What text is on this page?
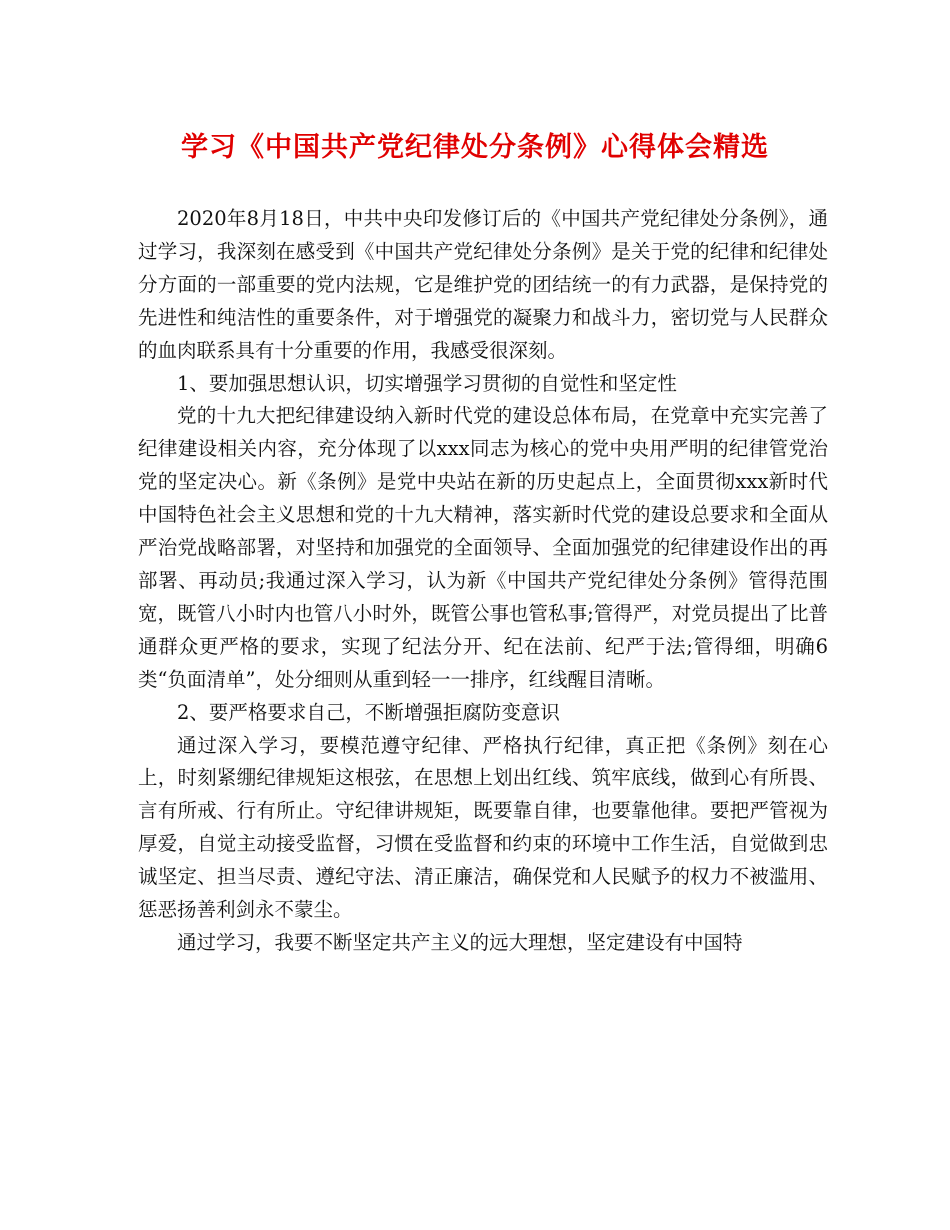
学习《中国共产党纪律处分条例》心得体会精选

2020年8月18日，中共中央印发修订后的《中国共产党纪律处分条例》，通过学习，我深刻在感受到《中国共产党纪律处分条例》是关于党的纪律和纪律处分方面的一部重要的党内法规，它是维护党的团结统一的有力武器，是保持党的先进性和纯洁性的重要条件，对于增强党的凝聚力和战斗力，密切党与人民群众的血肉联系具有十分重要的作用，我感受很深刻。

1、要加强思想认识，切实增强学习贯彻的自觉性和坚定性

党的十九大把纪律建设纳入新时代党的建设总体布局，在党章中充实完善了纪律建设相关内容，充分体现了以xxx同志为核心的党中央用严明的纪律管党治党的坚定决心。新《条例》是党中央站在新的历史起点上，全面贯彻xxx新时代中国特色社会主义思想和党的十九大精神，落实新时代党的建设总要求和全面从严治党战略部署，对坚持和加强党的全面领导、全面加强党的纪律建设作出的再部署、再动员;我通过深入学习，认为新《中国共产党纪律处分条例》管得范围宽，既管八小时内也管八小时外，既管公事也管私事;管得严，对党员提出了比普通群众更严格的要求，实现了纪法分开、纪在法前、纪严于法;管得细，明确6类“负面清单”，处分细则从重到轻一一排序，红线醒目清晰。

2、要严格要求自己，不断增强拒腐防变意识

通过深入学习，要模范遵守纪律、严格执行纪律，真正把《条例》刻在心上，时刻紧绷纪律规矩这根弦，在思想上划出红线、筑牢底线，做到心有所畏、言有所戒、行有所止。守纪律讲规矩，既要靠自律，也要靠他律。要把严管视为厚爱，自觉主动接受监督，习惯在受监督和约束的环境中工作生活，自觉做到忠诚坚定、担当尽责、遵纪守法、清正廉洁，确保党和人民赋予的权力不被滥用、惩恶扬善利剑永不蒙尘。

通过学习，我要不断坚定共产主义的远大理想，坚定建设有中国特
